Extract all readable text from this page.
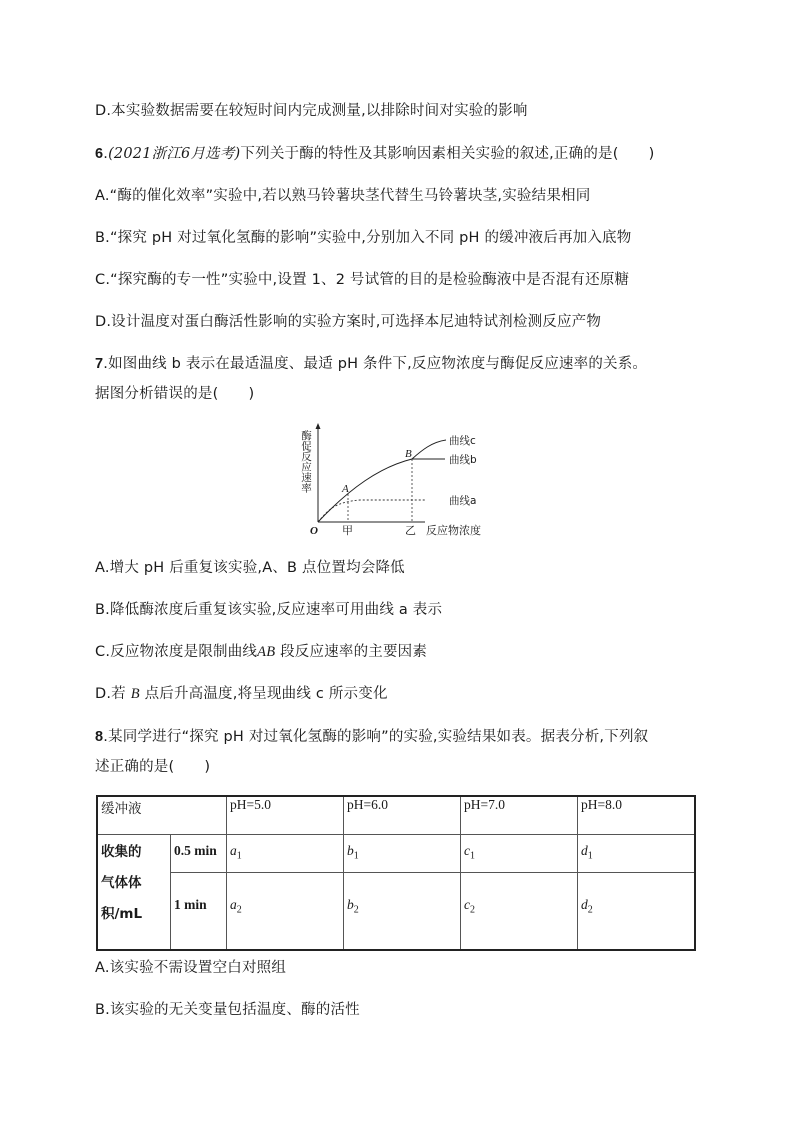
D.本实验数据需要在较短时间内完成测量,以排除时间对实验的影响
6.(2021浙江6月选考)下列关于酶的特性及其影响因素相关实验的叙述,正确的是( )
A.“酶的催化效率”实验中,若以熟马铃薯块茎代替生马铃薯块茎,实验结果相同
B.“探究 pH 对过氧化氢酶的影响”实验中,分别加入不同 pH 的缓冲液后再加入底物
C.“探究酶的专一性”实验中,设置 1、2 号试管的目的是检验酶液中是否混有还原糖
D.设计温度对蛋白酶活性影响的实验方案时,可选择本尼迪特试剂检测反应产物
7.如图曲线 b 表示在最适温度、最适 pH 条件下,反应物浓度与酶促反应速率的关系。
据图分析错误的是( )
酶促反应速率
O 甲	乙 反应物浓度
A
B
曲线c
曲线b
曲线a
A.增大 pH 后重复该实验,A、B 点位置均会降低
B.降低酶浓度后重复该实验,反应速率可用曲线 a 表示
C.反应物浓度是限制曲线AB 段反应速率的主要因素
D.若 B 点后升高温度,将呈现曲线 c 所示变化
8.某同学进行“探究 pH 对过氧化氢酶的影响”的实验,实验结果如表。据表分析,下列叙
述正确的是( )
缓冲液		pH=5.0	pH=6.0	pH=7.0	pH=8.0

收集的
气体体
积/mL	0.5 min	$a_1$	$b_1$	$c_1$	$d_1$
	1 min	$a_2$	$b_2$	$c_2$	$d_2$
A.该实验不需设置空白对照组
B.该实验的无关变量包括温度、酶的活性
